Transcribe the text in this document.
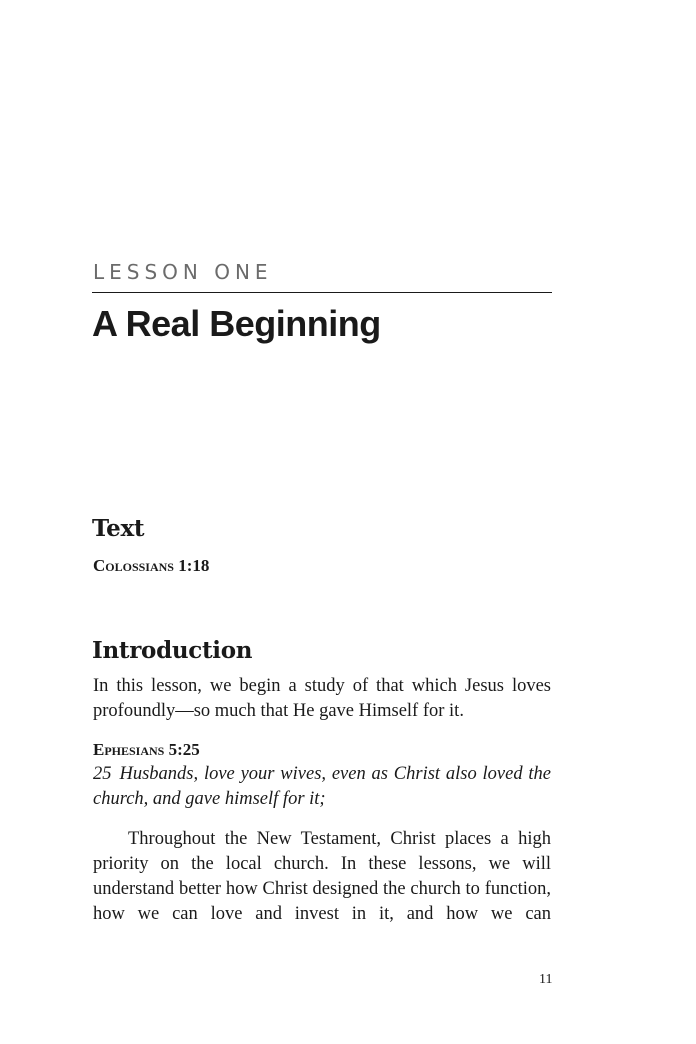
LESSON ONE
A Real Beginning
Text
Colossians 1:18
Introduction

In this lesson, we begin a study of that which Jesus loves profoundly—so much that He gave Himself for it.

Ephesians 5:25

25 Husbands, love your wives, even as Christ also loved the church, and gave himself for it;

Throughout the New Testament, Christ places a high priority on the local church. In these lessons, we will understand better how Christ designed the church to function, how we can love and invest in it, and how we can

11
